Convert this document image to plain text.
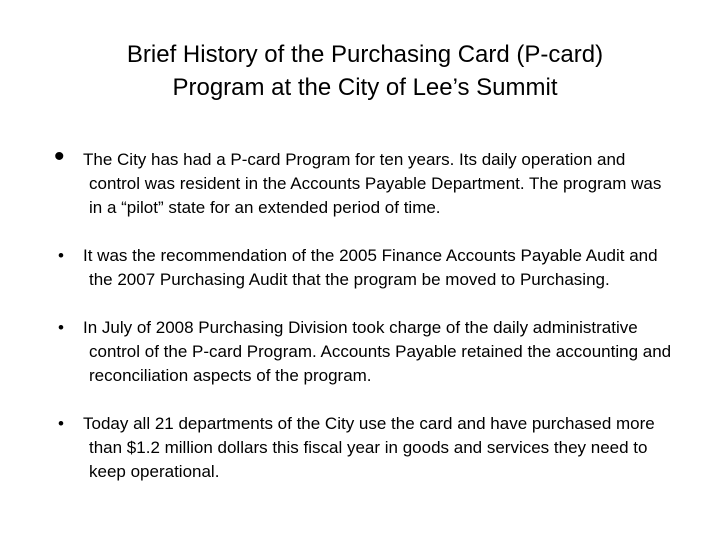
Brief History of the Purchasing Card (P-card)
Program at the City of Lee’s Summit
•	The City has had a P-card Program for ten years. Its daily operation and control was resident in the Accounts Payable Department. The program was in a “pilot” state for an extended period of time.
•	It was the recommendation of the 2005 Finance Accounts Payable Audit and the 2007 Purchasing Audit that the program be moved to Purchasing.
•	In July of 2008 Purchasing Division took charge of the daily administrative control of the P-card Program. Accounts Payable retained the accounting and reconciliation aspects of the program.
•	Today all 21 departments of the City use the card and have purchased more than $1.2 million dollars this fiscal year in goods and services they need to keep operational.
